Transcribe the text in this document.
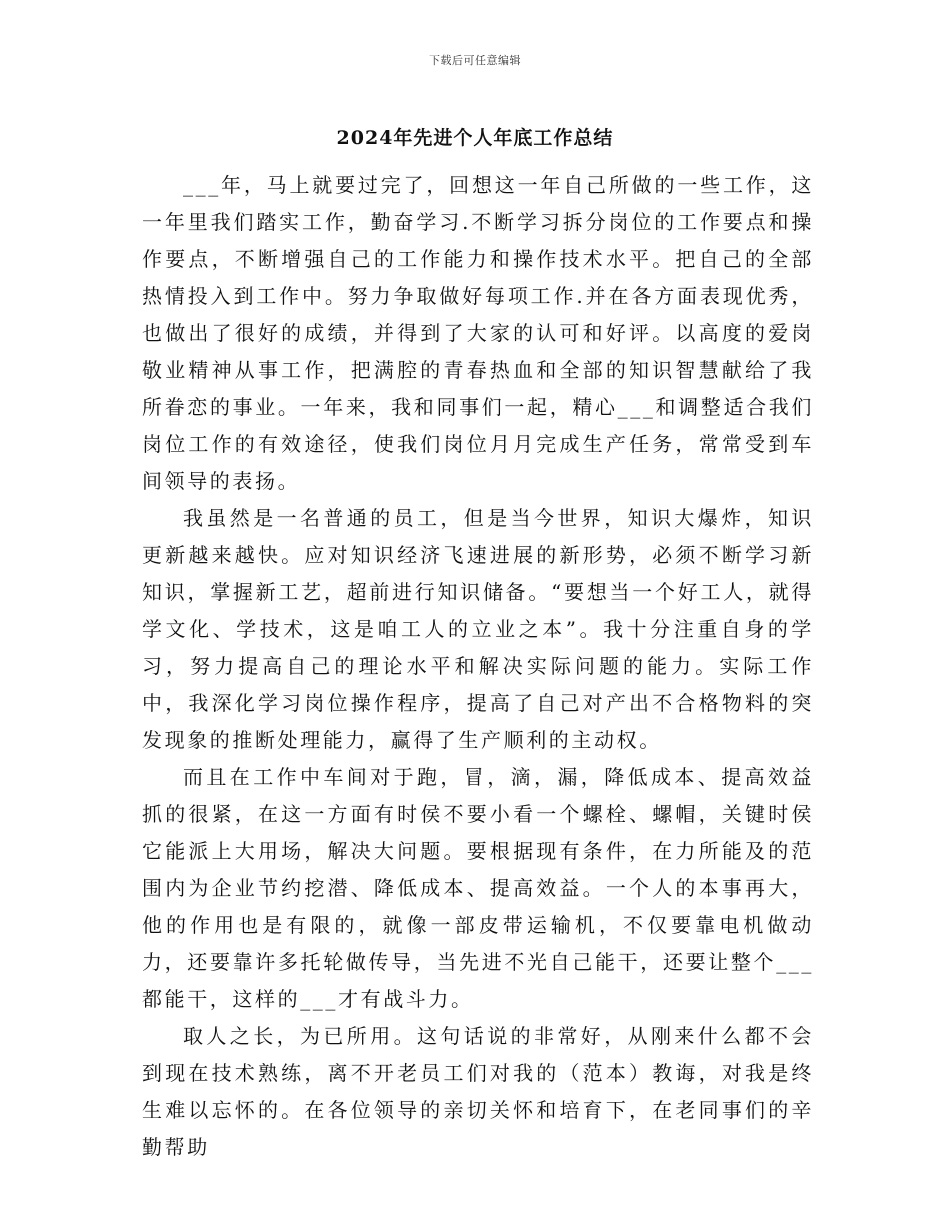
下载后可任意编辑
2024年先进个人年底工作总结

___年，马上就要过完了，回想这一年自己所做的一些工作，这一年里我们踏实工作，勤奋学习.不断学习拆分岗位的工作要点和操作要点，不断增强自己的工作能力和操作技术水平。把自己的全部热情投入到工作中。努力争取做好每项工作.并在各方面表现优秀，也做出了很好的成绩，并得到了大家的认可和好评。以高度的爱岗敬业精神从事工作，把满腔的青春热血和全部的知识智慧献给了我所眷恋的事业。一年来，我和同事们一起，精心___和调整适合我们岗位工作的有效途径，使我们岗位月月完成生产任务，常常受到车间领导的表扬。

我虽然是一名普通的员工，但是当今世界，知识大爆炸，知识更新越来越快。应对知识经济飞速进展的新形势，必须不断学习新知识，掌握新工艺，超前进行知识储备。“要想当一个好工人，就得学文化、学技术，这是咱工人的立业之本”。我十分注重自身的学习，努力提高自己的理论水平和解决实际问题的能力。实际工作中，我深化学习岗位操作程序，提高了自己对产出不合格物料的突发现象的推断处理能力，赢得了生产顺利的主动权。

而且在工作中车间对于跑，冒，滴，漏，降低成本、提高效益抓的很紧，在这一方面有时侯不要小看一个螺栓、螺帽，关键时侯它能派上大用场，解决大问题。要根据现有条件，在力所能及的范围内为企业节约挖潜、降低成本、提高效益。一个人的本事再大，他的作用也是有限的，就像一部皮带运输机，不仅要靠电机做动力，还要靠许多托轮做传导，当先进不光自己能干，还要让整个___都能干，这样的___才有战斗力。

取人之长，为已所用。这句话说的非常好，从刚来什么都不会到现在技术熟练，离不开老员工们对我的（范本）教诲，对我是终生难以忘怀的。在各位领导的亲切关怀和培育下，在老同事们的辛勤帮助
